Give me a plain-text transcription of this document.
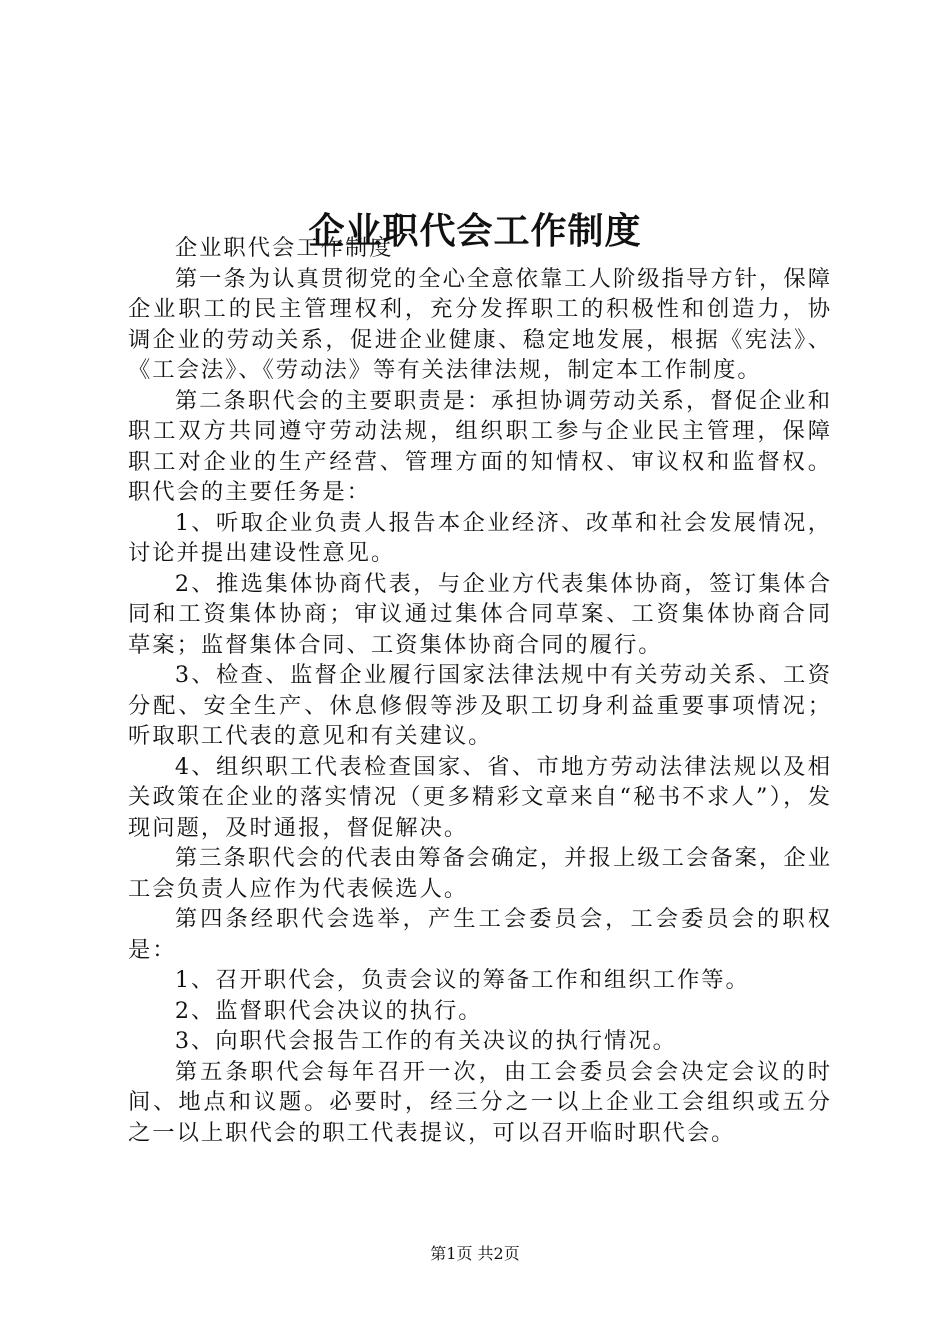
企业职代会工作制度

企业职代会工作制度

第一条为认真贯彻党的全心全意依靠工人阶级指导方针，保障企业职工的民主管理权利，充分发挥职工的积极性和创造力，协调企业的劳动关系，促进企业健康、稳定地发展，根据《宪法》、《工会法》、《劳动法》等有关法律法规，制定本工作制度。

第二条职代会的主要职责是：承担协调劳动关系，督促企业和职工双方共同遵守劳动法规，组织职工参与企业民主管理，保障职工对企业的生产经营、管理方面的知情权、审议权和监督权。职代会的主要任务是：

1、听取企业负责人报告本企业经济、改革和社会发展情况，讨论并提出建设性意见。

2、推选集体协商代表，与企业方代表集体协商，签订集体合同和工资集体协商；审议通过集体合同草案、工资集体协商合同草案；监督集体合同、工资集体协商合同的履行。

3、检查、监督企业履行国家法律法规中有关劳动关系、工资分配、安全生产、休息修假等涉及职工切身利益重要事项情况；听取职工代表的意见和有关建议。

4、组织职工代表检查国家、省、市地方劳动法律法规以及相关政策在企业的落实情况（更多精彩文章来自“秘书不求人”），发现问题，及时通报，督促解决。

第三条职代会的代表由筹备会确定，并报上级工会备案，企业工会负责人应作为代表候选人。

第四条经职代会选举，产生工会委员会，工会委员会的职权是：

1、召开职代会，负责会议的筹备工作和组织工作等。

2、监督职代会决议的执行。

3、向职代会报告工作的有关决议的执行情况。

第五条职代会每年召开一次，由工会委员会会决定会议的时间、地点和议题。必要时，经三分之一以上企业工会组织或五分之一以上职代会的职工代表提议，可以召开临时职代会。

第1页 共2页
